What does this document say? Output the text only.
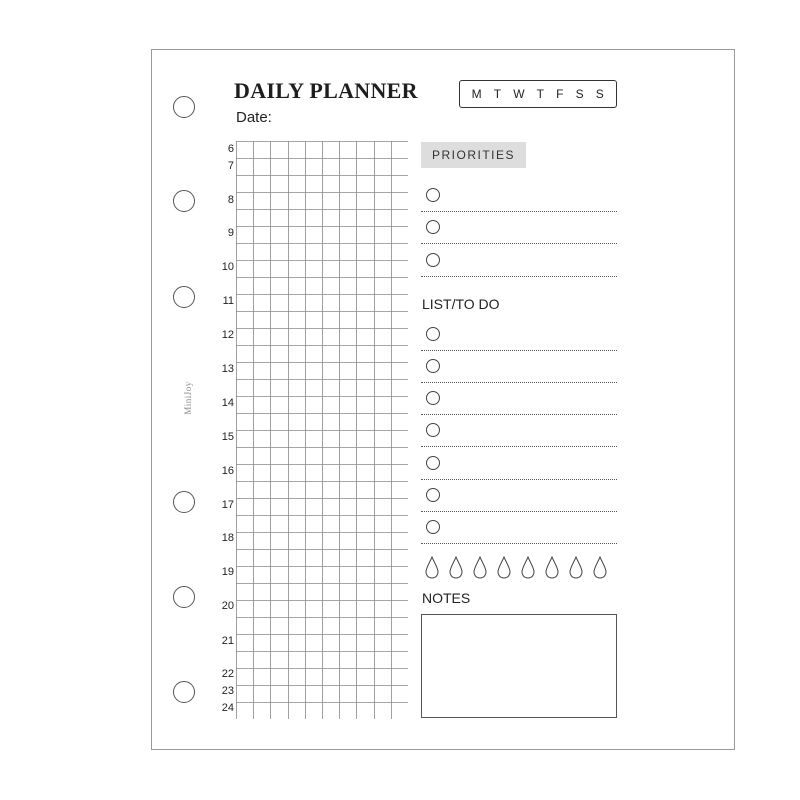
MiniJoy
DAILY PLANNER
Date:
M T W T F S S
6
7
8
9
10
11
12
13
14
15
16
17
18
19
20
21
22
23
24
PRIORITIES
LIST/TO DO
NOTES
